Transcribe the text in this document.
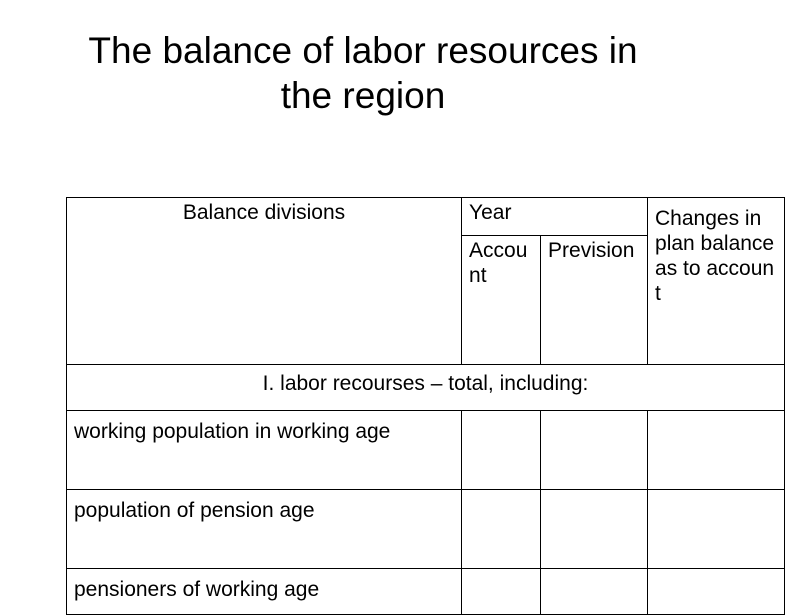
The balance of labor resources in
the region
Balance divisions	Year		Changes in plan balance as to account
	Account	Prevision	
I. labor recourses – total, including:			
working population in working age			
population of pension age			
pensioners of working age			
